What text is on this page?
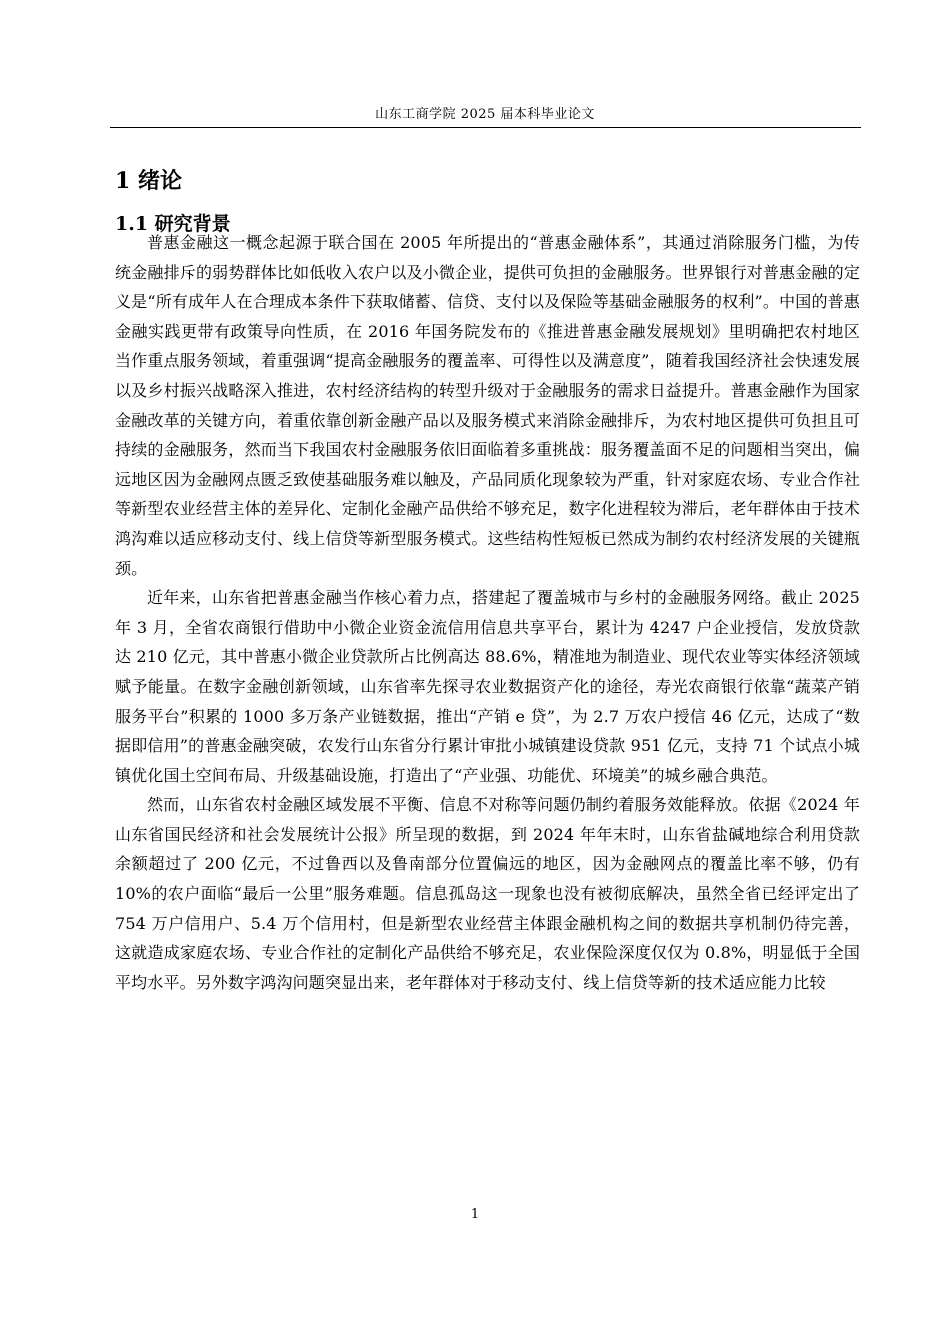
山东工商学院 2025 届本科毕业论文
1 绪论
1.1 研究背景

普惠金融这一概念起源于联合国在 2005 年所提出的“普惠金融体系”，其通过消除服务门槛，为传统金融排斥的弱势群体比如低收入农户以及小微企业，提供可负担的金融服务。世界银行对普惠金融的定义是“所有成年人在合理成本条件下获取储蓄、信贷、支付以及保险等基础金融服务的权利”。中国的普惠金融实践更带有政策导向性质，在 2016 年国务院发布的《推进普惠金融发展规划》里明确把农村地区当作重点服务领域，着重强调“提高金融服务的覆盖率、可得性以及满意度”，随着我国经济社会快速发展以及乡村振兴战略深入推进，农村经济结构的转型升级对于金融服务的需求日益提升。普惠金融作为国家金融改革的关键方向，着重依靠创新金融产品以及服务模式来消除金融排斥，为农村地区提供可负担且可持续的金融服务，然而当下我国农村金融服务依旧面临着多重挑战：服务覆盖面不足的问题相当突出，偏远地区因为金融网点匮乏致使基础服务难以触及，产品同质化现象较为严重，针对家庭农场、专业合作社等新型农业经营主体的差异化、定制化金融产品供给不够充足，数字化进程较为滞后，老年群体由于技术鸿沟难以适应移动支付、线上信贷等新型服务模式。这些结构性短板已然成为制约农村经济发展的关键瓶颈。

近年来，山东省把普惠金融当作核心着力点，搭建起了覆盖城市与乡村的金融服务网络。截止 2025 年 3 月，全省农商银行借助中小微企业资金流信用信息共享平台，累计为 4247 户企业授信，发放贷款达 210 亿元，其中普惠小微企业贷款所占比例高达 88.6%，精准地为制造业、现代农业等实体经济领域赋予能量。在数字金融创新领域，山东省率先探寻农业数据资产化的途径，寿光农商银行依靠“蔬菜产销服务平台”积累的 1000 多万条产业链数据，推出“产销 e 贷”，为 2.7 万农户授信 46 亿元，达成了“数据即信用”的普惠金融突破，农发行山东省分行累计审批小城镇建设贷款 951 亿元，支持 71 个试点小城镇优化国土空间布局、升级基础设施，打造出了“产业强、功能优、环境美”的城乡融合典范。

然而，山东省农村金融区域发展不平衡、信息不对称等问题仍制约着服务效能释放。依据《2024 年山东省国民经济和社会发展统计公报》所呈现的数据，到 2024 年年末时，山东省盐碱地综合利用贷款余额超过了 200 亿元，不过鲁西以及鲁南部分位置偏远的地区，因为金融网点的覆盖比率不够，仍有 10%的农户面临“最后一公里”服务难题。信息孤岛这一现象也没有被彻底解决，虽然全省已经评定出了 754 万户信用户、5.4 万个信用村，但是新型农业经营主体跟金融机构之间的数据共享机制仍待完善，这就造成家庭农场、专业合作社的定制化产品供给不够充足，农业保险深度仅仅为 0.8%，明显低于全国平均水平。另外数字鸿沟问题突显出来，老年群体对于移动支付、线上信贷等新的技术适应能力比较

1
